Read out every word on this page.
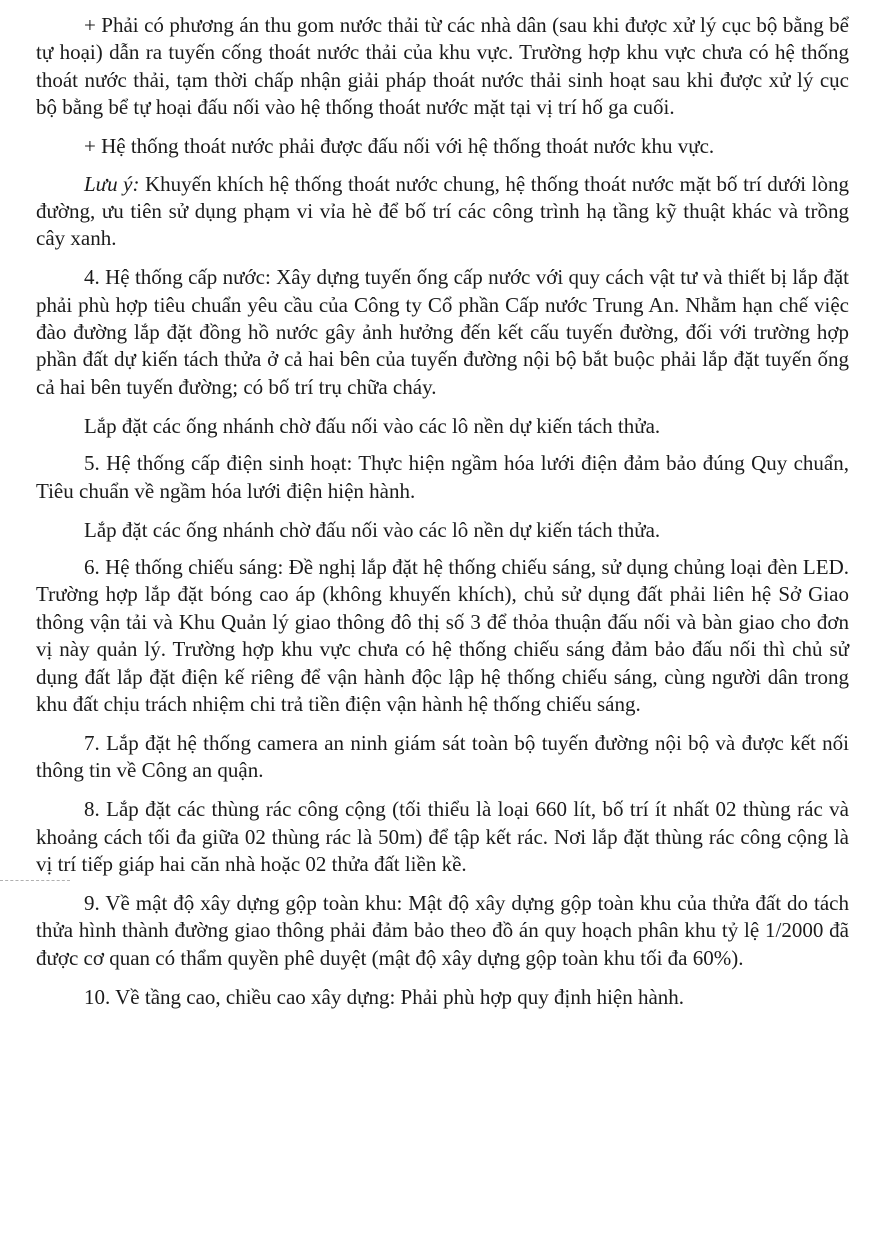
+ Phải có phương án thu gom nước thải từ các nhà dân (sau khi được xử lý cục bộ bằng bể tự hoại) dẫn ra tuyến cống thoát nước thải của khu vực. Trường hợp khu vực chưa có hệ thống thoát nước thải, tạm thời chấp nhận giải pháp thoát nước thải sinh hoạt sau khi được xử lý cục bộ bằng bể tự hoại đấu nối vào hệ thống thoát nước mặt tại vị trí hố ga cuối.

+ Hệ thống thoát nước phải được đấu nối với hệ thống thoát nước khu vực.

Lưu ý: Khuyến khích hệ thống thoát nước chung, hệ thống thoát nước mặt bố trí dưới lòng đường, ưu tiên sử dụng phạm vi vỉa hè để bố trí các công trình hạ tầng kỹ thuật khác và trồng cây xanh.

4. Hệ thống cấp nước: Xây dựng tuyến ống cấp nước với quy cách vật tư và thiết bị lắp đặt phải phù hợp tiêu chuẩn yêu cầu của Công ty Cổ phần Cấp nước Trung An. Nhằm hạn chế việc đào đường lắp đặt đồng hồ nước gây ảnh hưởng đến kết cấu tuyến đường, đối với trường hợp phần đất dự kiến tách thửa ở cả hai bên của tuyến đường nội bộ bắt buộc phải lắp đặt tuyến ống cả hai bên tuyến đường; có bố trí trụ chữa cháy.

Lắp đặt các ống nhánh chờ đấu nối vào các lô nền dự kiến tách thửa.

5. Hệ thống cấp điện sinh hoạt: Thực hiện ngầm hóa lưới điện đảm bảo đúng Quy chuẩn, Tiêu chuẩn về ngầm hóa lưới điện hiện hành.

Lắp đặt các ống nhánh chờ đấu nối vào các lô nền dự kiến tách thửa.

6. Hệ thống chiếu sáng: Đề nghị lắp đặt hệ thống chiếu sáng, sử dụng chủng loại đèn LED. Trường hợp lắp đặt bóng cao áp (không khuyến khích), chủ sử dụng đất phải liên hệ Sở Giao thông vận tải và Khu Quản lý giao thông đô thị số 3 để thỏa thuận đấu nối và bàn giao cho đơn vị này quản lý. Trường hợp khu vực chưa có hệ thống chiếu sáng đảm bảo đấu nối thì chủ sử dụng đất lắp đặt điện kế riêng để vận hành độc lập hệ thống chiếu sáng, cùng người dân trong khu đất chịu trách nhiệm chi trả tiền điện vận hành hệ thống chiếu sáng.

7. Lắp đặt hệ thống camera an ninh giám sát toàn bộ tuyến đường nội bộ và được kết nối thông tin về Công an quận.

8. Lắp đặt các thùng rác công cộng (tối thiểu là loại 660 lít, bố trí ít nhất 02 thùng rác và khoảng cách tối đa giữa 02 thùng rác là 50m) để tập kết rác. Nơi lắp đặt thùng rác công cộng là vị trí tiếp giáp hai căn nhà hoặc 02 thửa đất liền kề.

9. Về mật độ xây dựng gộp toàn khu: Mật độ xây dựng gộp toàn khu của thửa đất do tách thửa hình thành đường giao thông phải đảm bảo theo đồ án quy hoạch phân khu tỷ lệ 1/2000 đã được cơ quan có thẩm quyền phê duyệt (mật độ xây dựng gộp toàn khu tối đa 60%).

10. Về tầng cao, chiều cao xây dựng: Phải phù hợp quy định hiện hành.
